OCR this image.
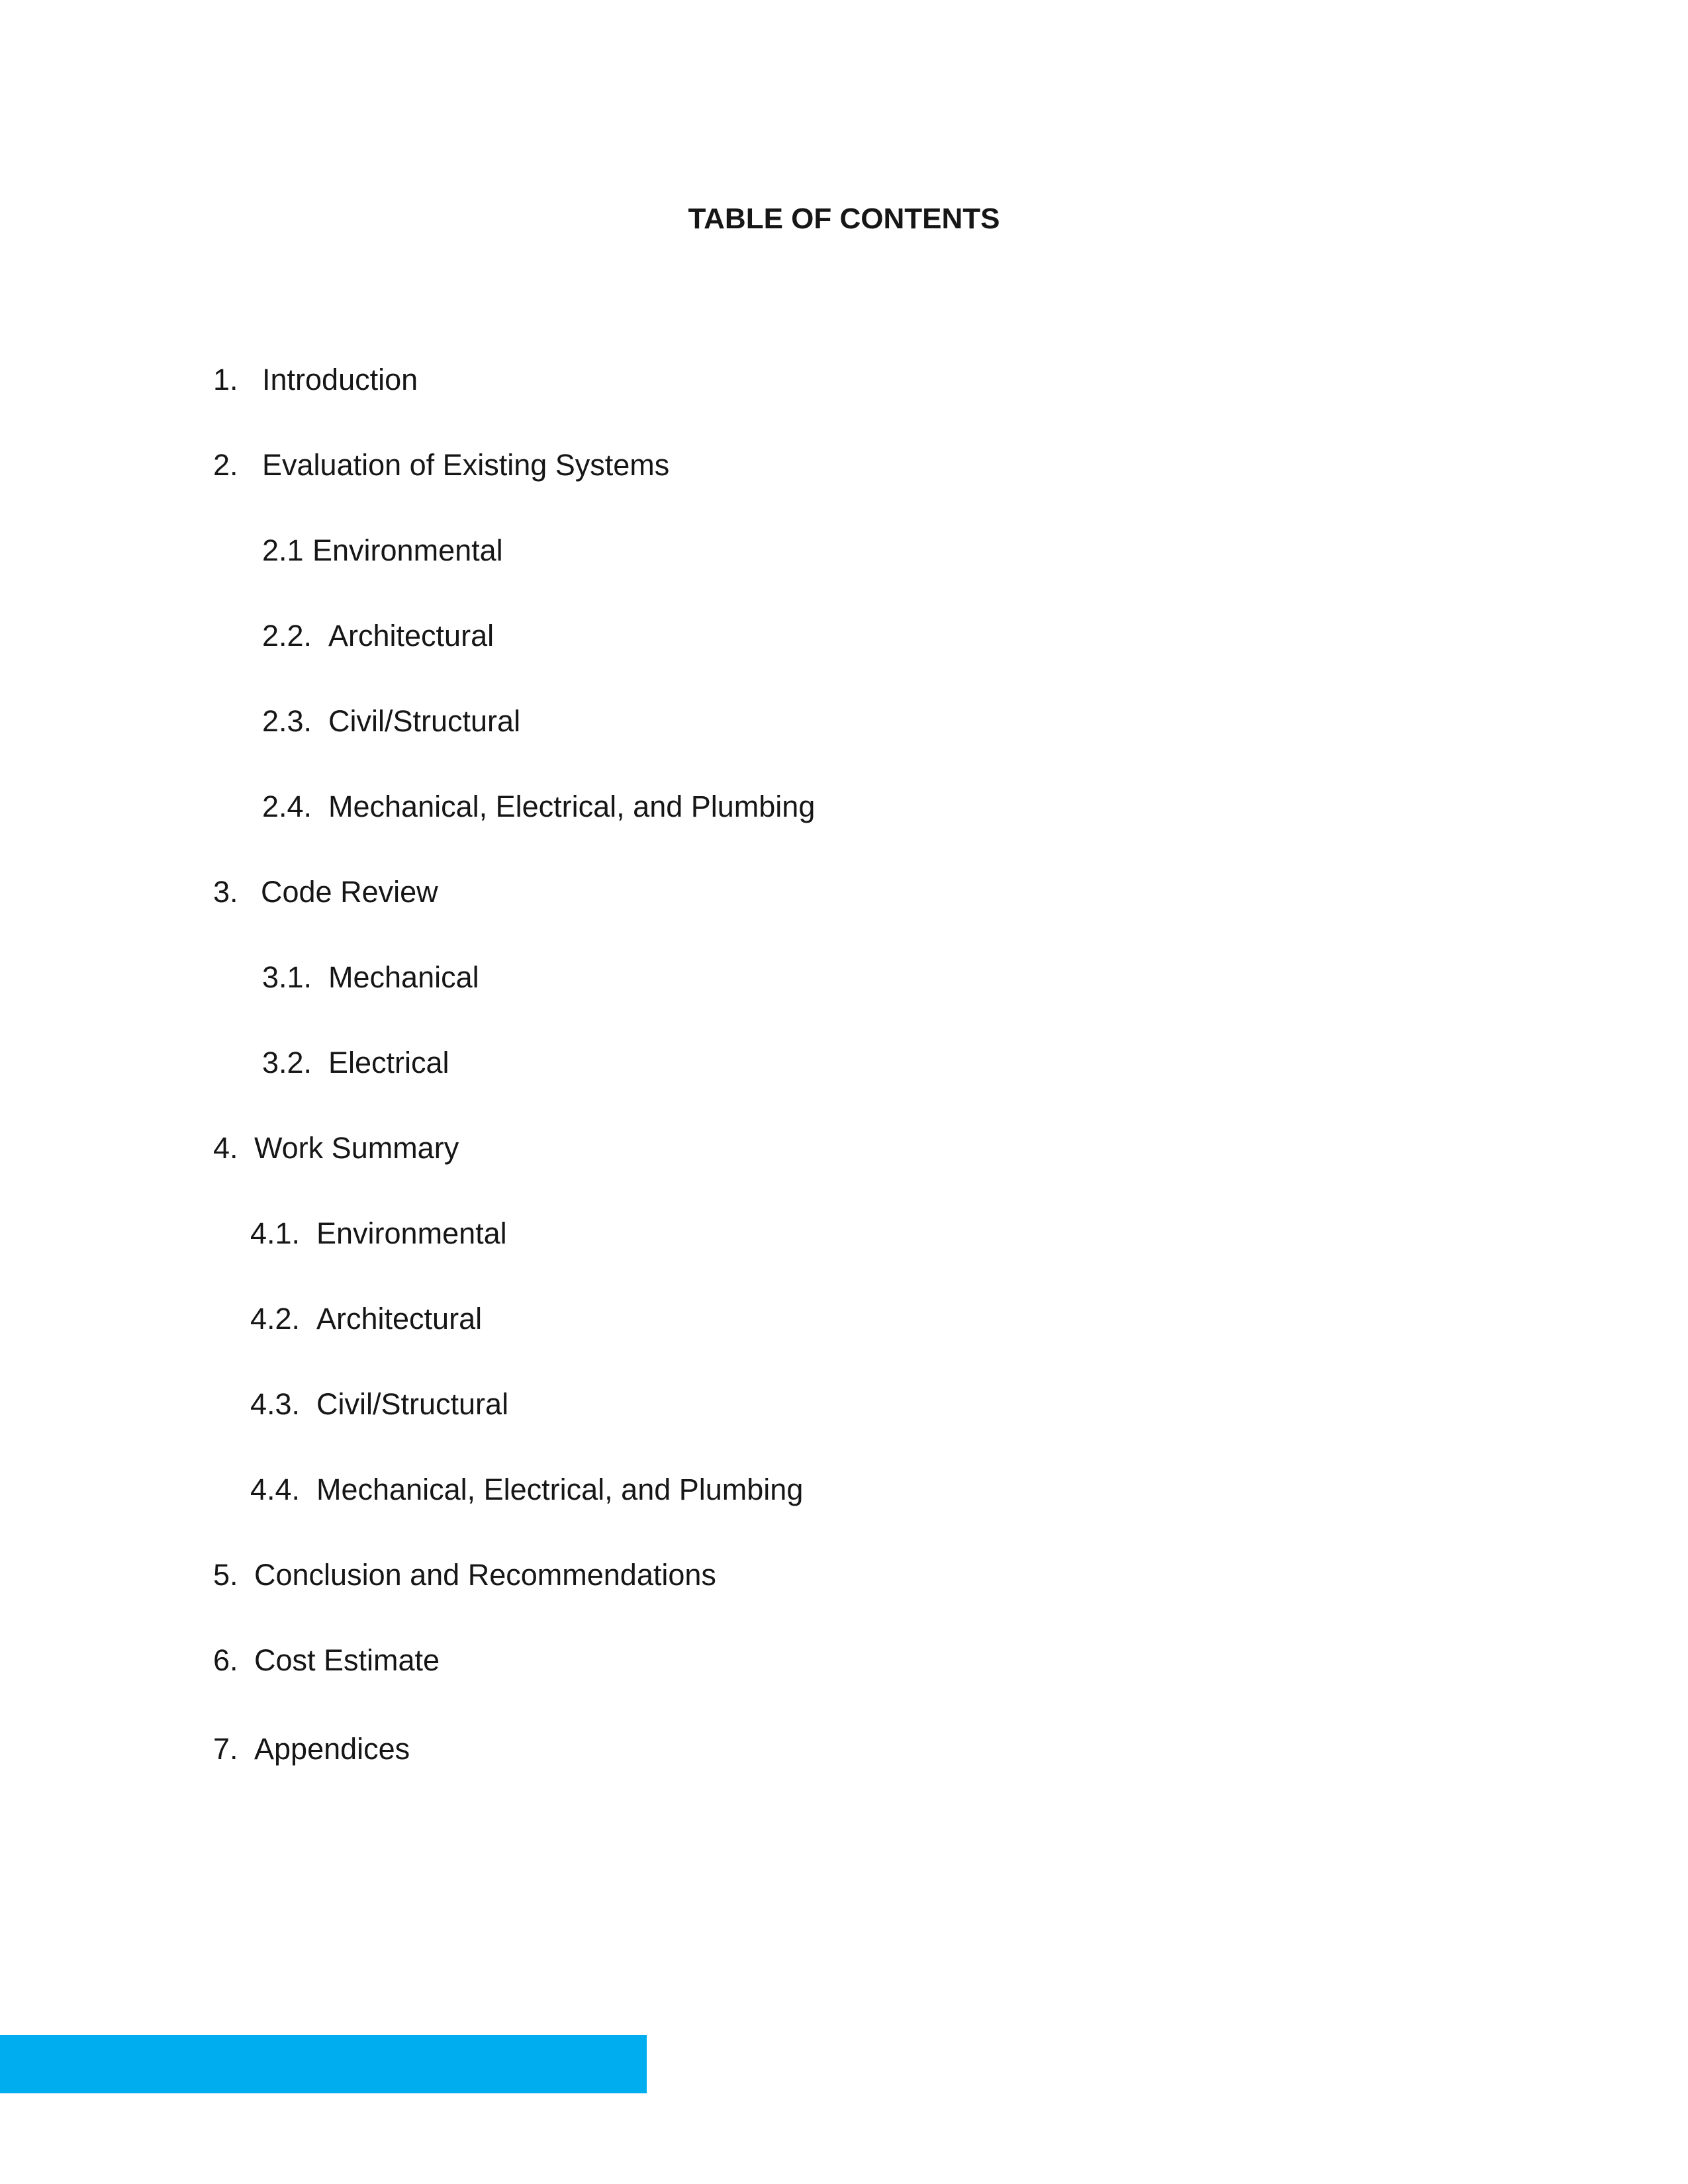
TABLE OF CONTENTS
1. Introduction
2. Evaluation of Existing Systems
2.1 Environmental
2.2. Architectural
2.3. Civil/Structural
2.4. Mechanical, Electrical, and Plumbing
3. Code Review
3.1. Mechanical
3.2. Electrical
4. Work Summary
4.1. Environmental
4.2. Architectural
4.3. Civil/Structural
4.4. Mechanical, Electrical, and Plumbing
5. Conclusion and Recommendations
6. Cost Estimate
7. Appendices
